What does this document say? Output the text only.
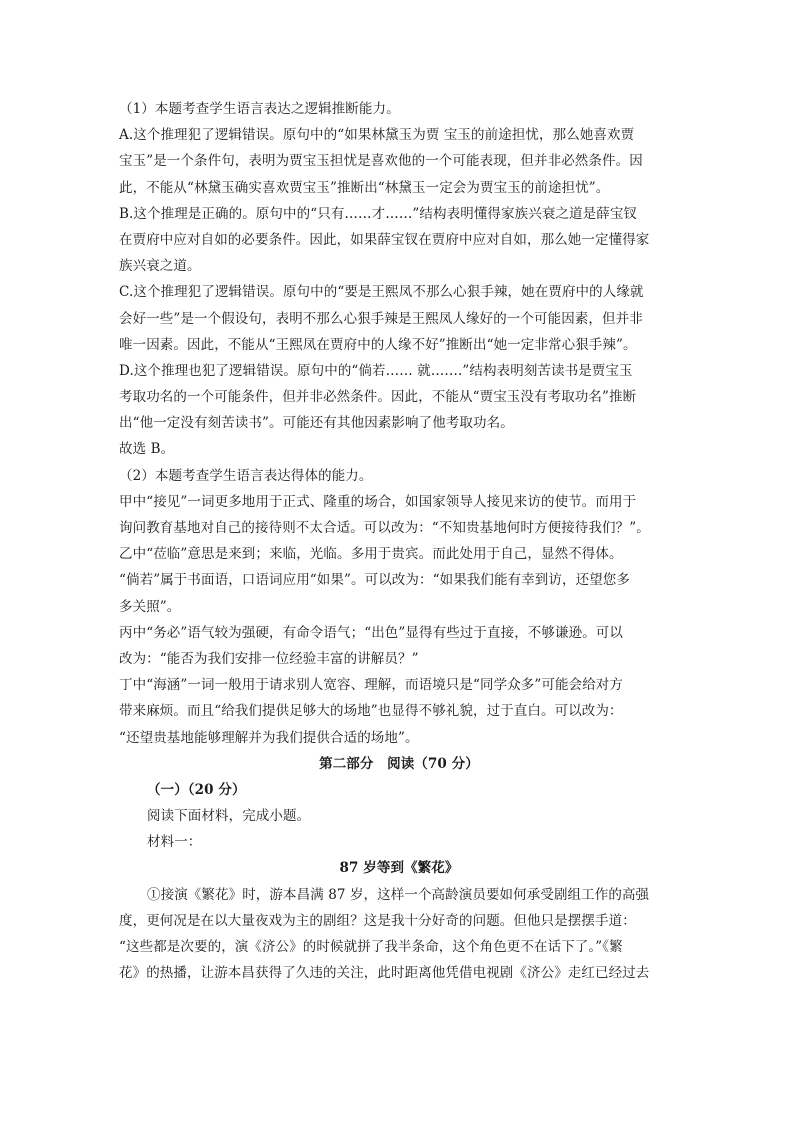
（1）本题考查学生语言表达之逻辑推断能力。
A.这个推理犯了逻辑错误。原句中的“如果林黛玉为贾 宝玉的前途担忧，那么她喜欢贾
宝玉”是一个条件句，表明为贾宝玉担忧是喜欢他的一个可能表现，但并非必然条件。因
此，不能从“林黛玉确实喜欢贾宝玉”推断出“林黛玉一定会为贾宝玉的前途担忧”。
B.这个推理是正确的。原句中的“只有……才……”结构表明懂得家族兴衰之道是薛宝钗
在贾府中应对自如的必要条件。因此，如果薛宝钗在贾府中应对自如，那么她一定懂得家
族兴衰之道。
C.这个推理犯了逻辑错误。原句中的“要是王熙凤不那么心狠手辣，她在贾府中的人缘就
会好一些”是一个假设句，表明不那么心狠手辣是王熙凤人缘好的一个可能因素，但并非
唯一因素。因此，不能从“王熙凤在贾府中的人缘不好”推断出“她一定非常心狠手辣”。
D.这个推理也犯了逻辑错误。原句中的“倘若…… 就.……”结构表明刻苦读书是贾宝玉
考取功名的一个可能条件，但并非必然条件。因此，不能从“贾宝玉没有考取功名”推断
出“他一定没有刻苦读书”。可能还有其他因素影响了他考取功名。
故选 B。
（2）本题考查学生语言表达得体的能力。
甲中“接见”一词更多地用于正式、隆重的场合，如国家领导人接见来访的使节。而用于
询问教育基地对自己的接待则不太合适。可以改为：“不知贵基地何时方便接待我们？”。
乙中“莅临”意思是来到；来临，光临。多用于贵宾。而此处用于自己，显然不得体。
“倘若”属于书面语，口语词应用“如果”。可以改为：“如果我们能有幸到访，还望您多
多关照”。
丙中“务必”语气较为强硬，有命令语气；“出色”显得有些过于直接，不够谦逊。可以
改为：“能否为我们安排一位经验丰富的讲解员？”
丁中“海涵”一词一般用于请求别人宽容、理解，而语境只是“同学众多”可能会给对方
带来麻烦。而且“给我们提供足够大的场地”也显得不够礼貌，过于直白。可以改为：
“还望贵基地能够理解并为我们提供合适的场地”。
第二部分　阅读（70 分）
（一）（20 分）
阅读下面材料，完成小题。
材料一：
87 岁等到《繁花》
①接演《繁花》时，游本昌满 87 岁，这样一个高龄演员要如何承受剧组工作的高强
度，更何况是在以大量夜戏为主的剧组？这是我十分好奇的问题。但他只是摆摆手道：
“这些都是次要的，演《济公》的时候就拼了我半条命，这个角色更不在话下了。”《繁
花》的热播，让游本昌获得了久违的关注，此时距离他凭借电视剧《济公》走红已经过去
